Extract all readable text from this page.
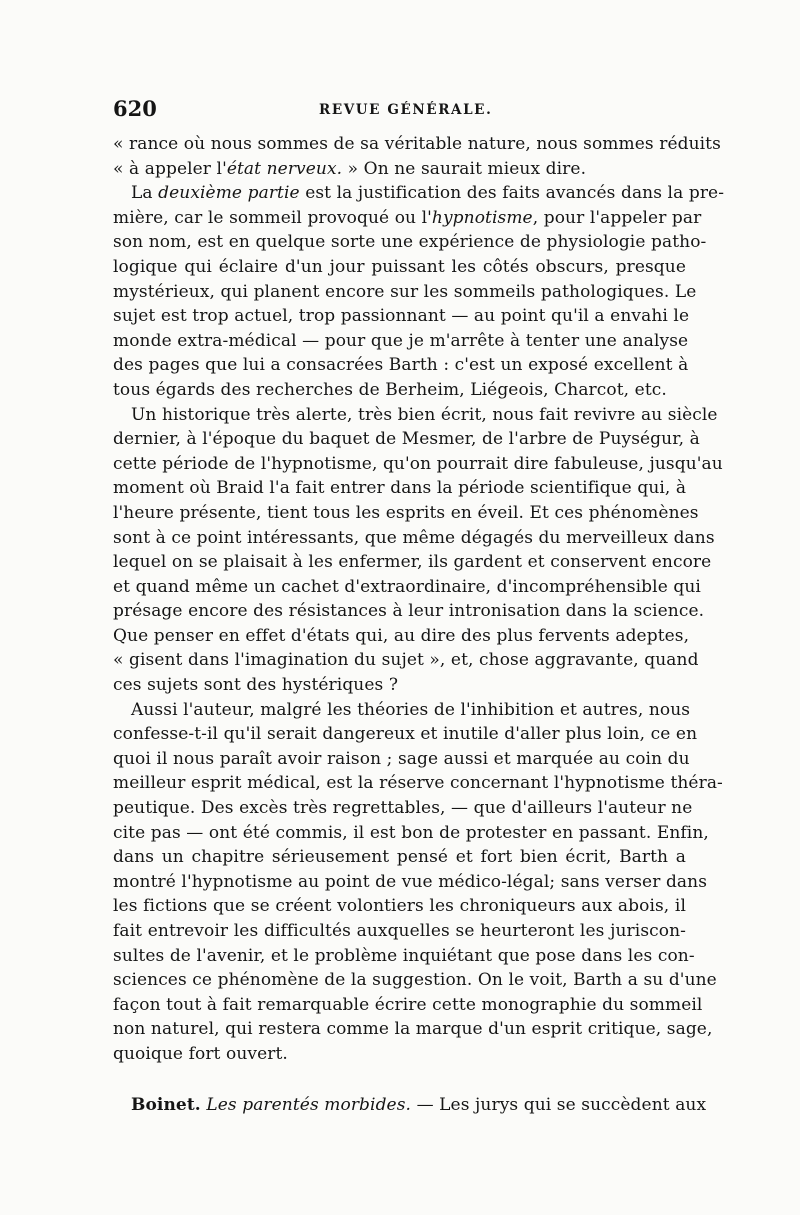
620	REVUE GÉNÉRALE.
« rance où nous sommes de sa véritable nature, nous sommes réduits
« à appeler l'état nerveux. » On ne saurait mieux dire.
La deuxième partie est la justification des faits avancés dans la pre-
mière, car le sommeil provoqué ou l'hypnotisme, pour l'appeler par
son nom, est en quelque sorte une expérience de physiologie patho-
logique qui éclaire d'un jour puissant les côtés obscurs, presque
mystérieux, qui planent encore sur les sommeils pathologiques. Le
sujet est trop actuel, trop passionnant — au point qu'il a envahi le
monde extra-médical — pour que je m'arrête à tenter une analyse
des pages que lui a consacrées Barth : c'est un exposé excellent à
tous égards des recherches de Berheim, Liégeois, Charcot, etc.
Un historique très alerte, très bien écrit, nous fait revivre au siècle
dernier, à l'époque du baquet de Mesmer, de l'arbre de Puységur, à
cette période de l'hypnotisme, qu'on pourrait dire fabuleuse, jusqu'au
moment où Braid l'a fait entrer dans la période scientifique qui, à
l'heure présente, tient tous les esprits en éveil. Et ces phénomènes
sont à ce point intéressants, que même dégagés du merveilleux dans
lequel on se plaisait à les enfermer, ils gardent et conservent encore
et quand même un cachet d'extraordinaire, d'incompréhensible qui
présage encore des résistances à leur intronisation dans la science.
Que penser en effet d'états qui, au dire des plus fervents adeptes,
« gisent dans l'imagination du sujet », et, chose aggravante, quand
ces sujets sont des hystériques ?
Aussi l'auteur, malgré les théories de l'inhibition et autres, nous
confesse-t-il qu'il serait dangereux et inutile d'aller plus loin, ce en
quoi il nous paraît avoir raison ; sage aussi et marquée au coin du
meilleur esprit médical, est la réserve concernant l'hypnotisme théra-
peutique. Des excès très regrettables, — que d'ailleurs l'auteur ne
cite pas — ont été commis, il est bon de protester en passant. Enfin,
dans un chapitre sérieusement pensé et fort bien écrit, Barth a
montré l'hypnotisme au point de vue médico-légal; sans verser dans
les fictions que se créent volontiers les chroniqueurs aux abois, il
fait entrevoir les difficultés auxquelles se heurteront les juriscon-
sultes de l'avenir, et le problème inquiétant que pose dans les con-
sciences ce phénomène de la suggestion. On le voit, Barth a su d'une
façon tout à fait remarquable écrire cette monographie du sommeil
non naturel, qui restera comme la marque d'un esprit critique, sage,
quoique fort ouvert.
Boinet. Les parentés morbides. — Les jurys qui se succèdent aux
